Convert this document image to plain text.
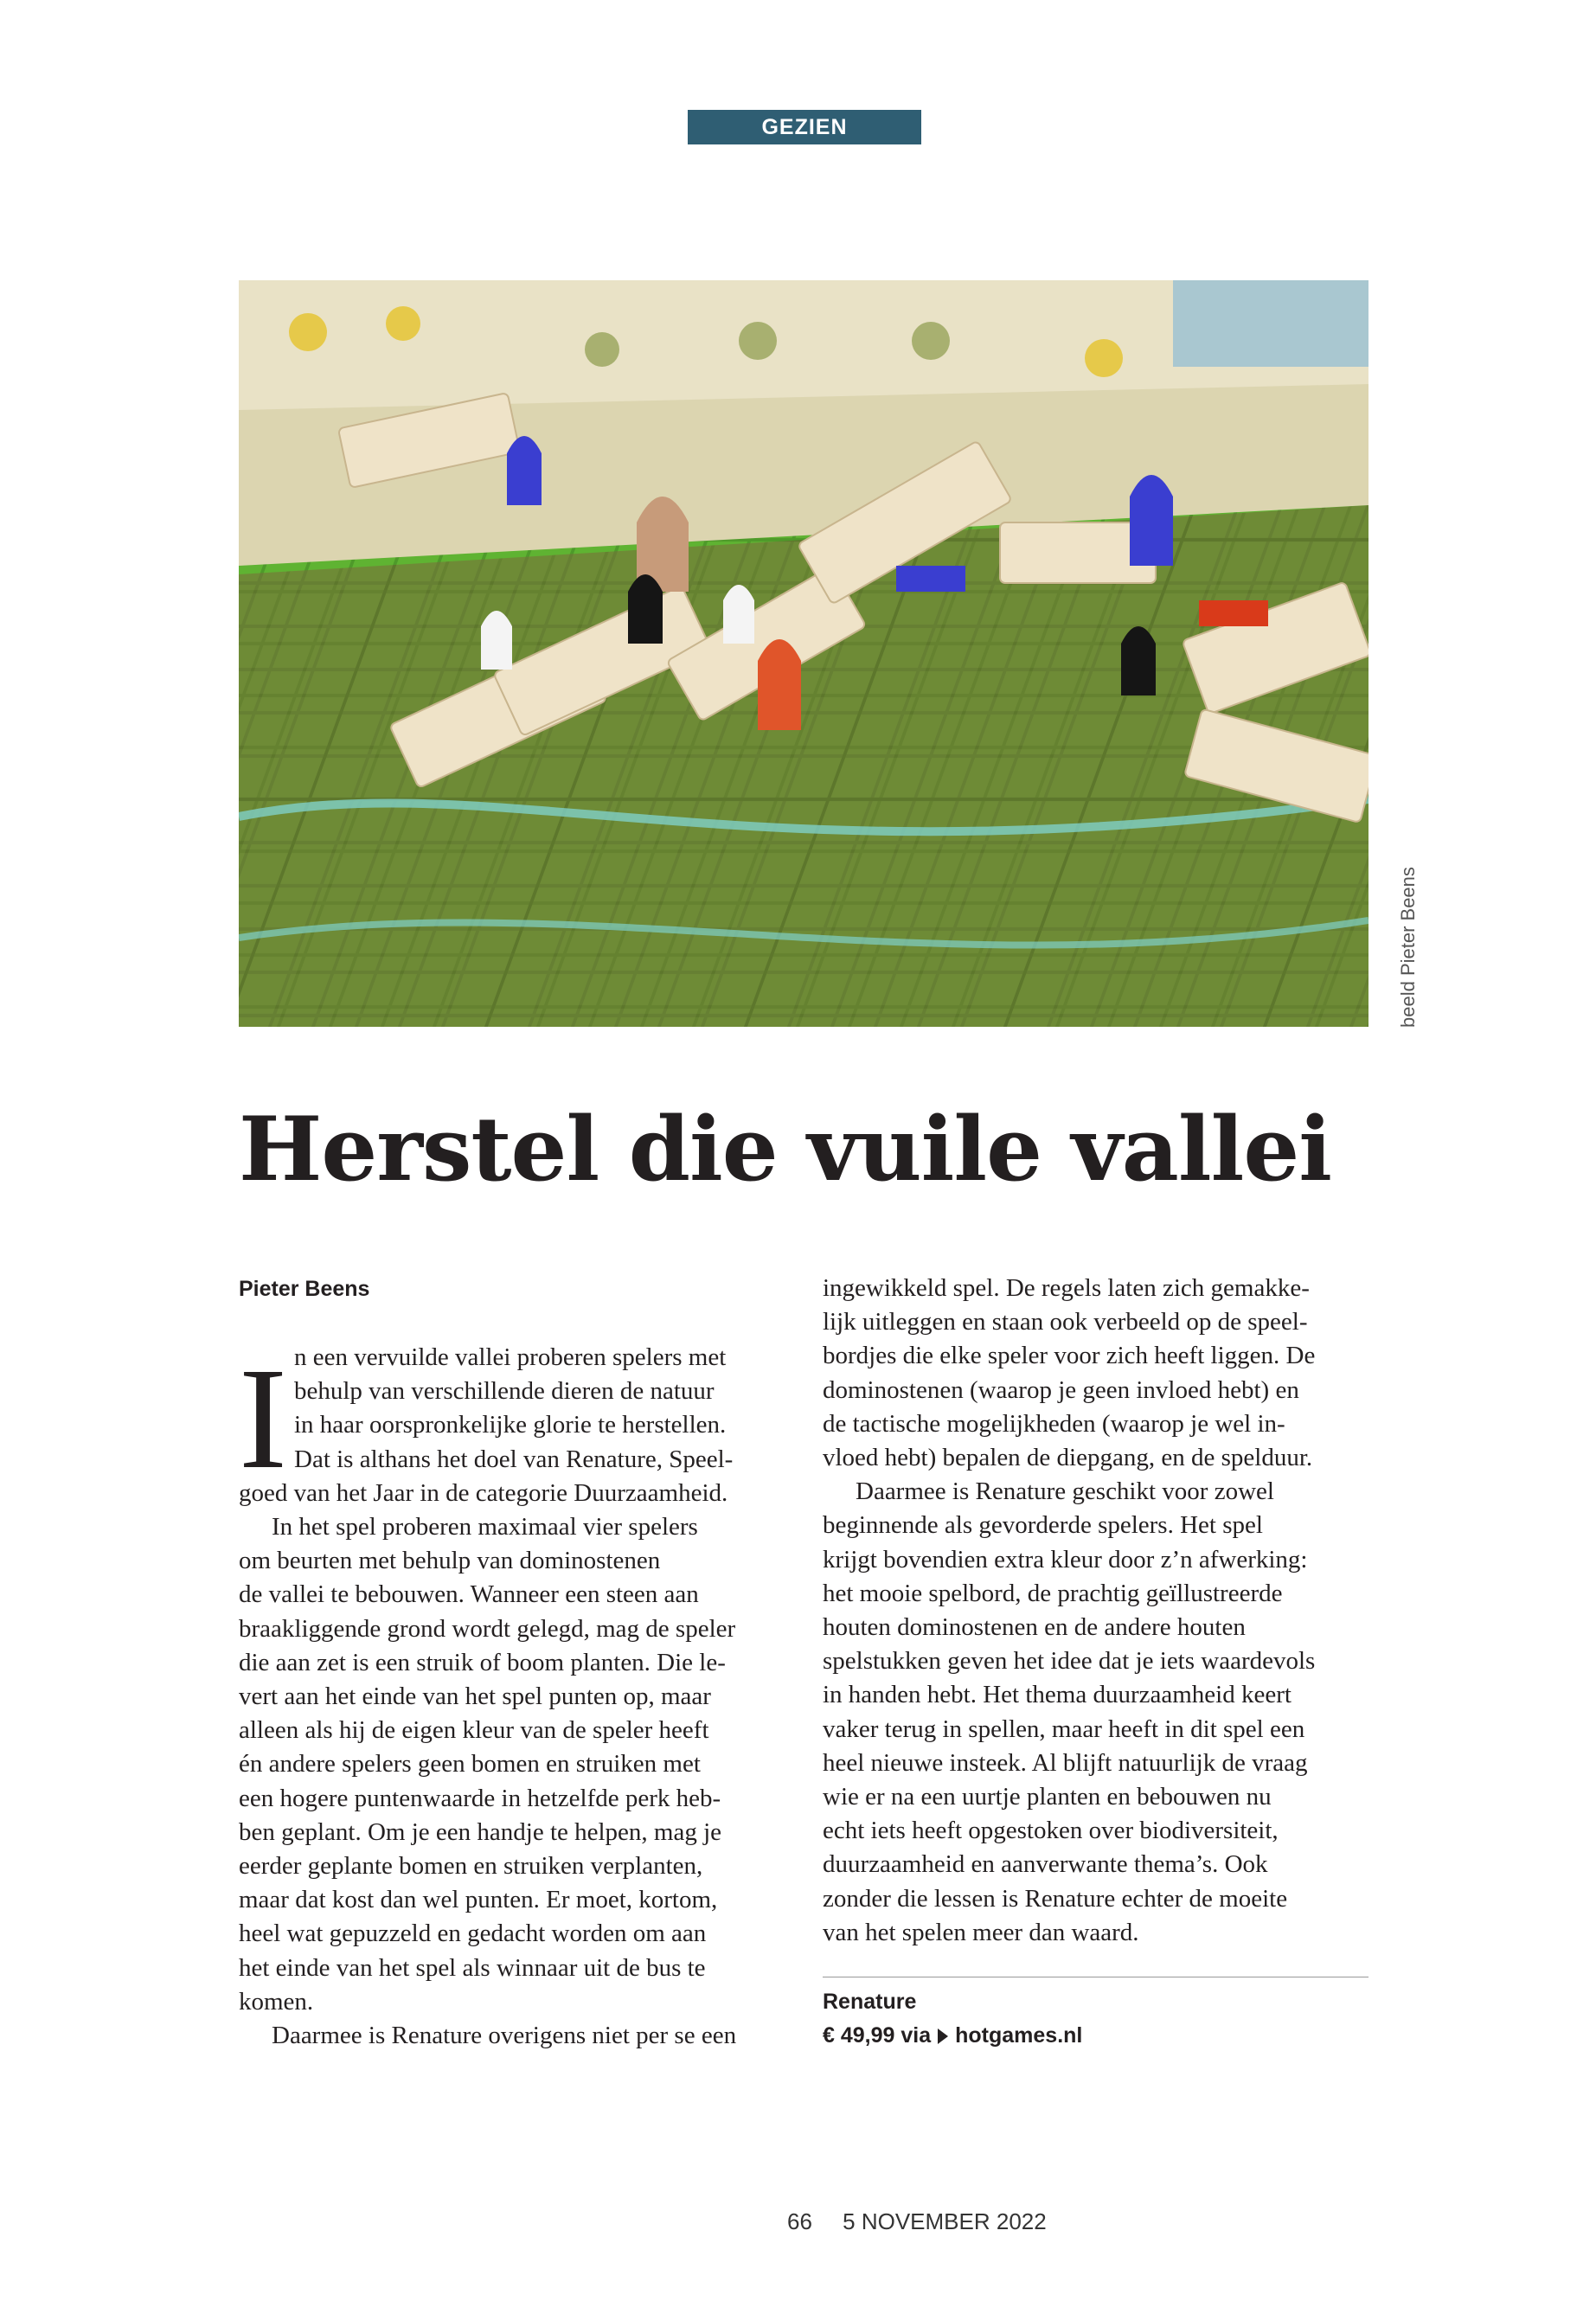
GEZIEN
beeld Pieter Beens
Herstel die vuile vallei
Pieter Beens
I n een vervuilde vallei proberen spelers met
behulp van verschillende dieren de natuur
in haar oorspronkelijke glorie te herstellen.
Dat is althans het doel van Renature, Speel-
goed van het Jaar in de categorie Duurzaamheid.
In het spel proberen maximaal vier spelers
om beurten met behulp van dominostenen
de vallei te bebouwen. Wanneer een steen aan
braakliggende grond wordt gelegd, mag de speler
die aan zet is een struik of boom planten. Die le-
vert aan het einde van het spel punten op, maar
alleen als hij de eigen kleur van de speler heeft
én andere spelers geen bomen en struiken met
een hogere puntenwaarde in hetzelfde perk heb-
ben geplant. Om je een handje te helpen, mag je
eerder geplante bomen en struiken verplanten,
maar dat kost dan wel punten. Er moet, kortom,
heel wat gepuzzeld en gedacht worden om aan
het einde van het spel als winnaar uit de bus te
komen.
Daarmee is Renature overigens niet per se een
ingewikkeld spel. De regels laten zich gemakke-
lijk uitleggen en staan ook verbeeld op de speel-
bordjes die elke speler voor zich heeft liggen. De
dominostenen (waarop je geen invloed hebt) en
de tactische mogelijkheden (waarop je wel in-
vloed hebt) bepalen de diepgang, en de spelduur.
Daarmee is Renature geschikt voor zowel
beginnende als gevorderde spelers. Het spel
krijgt bovendien extra kleur door z’n afwerking:
het mooie spelbord, de prachtig geïllustreerde
houten dominostenen en de andere houten
spelstukken geven het idee dat je iets waardevols
in handen hebt. Het thema duurzaamheid keert
vaker terug in spellen, maar heeft in dit spel een
heel nieuwe insteek. Al blijft natuurlijk de vraag
wie er na een uurtje planten en bebouwen nu
echt iets heeft opgestoken over biodiversiteit,
duurzaamheid en aanverwante thema’s. Ook
zonder die lessen is Renature echter de moeite
van het spelen meer dan waard.
Renature
€ 49,99 via hotgames.nl
66 5 NOVEMBER 2022
